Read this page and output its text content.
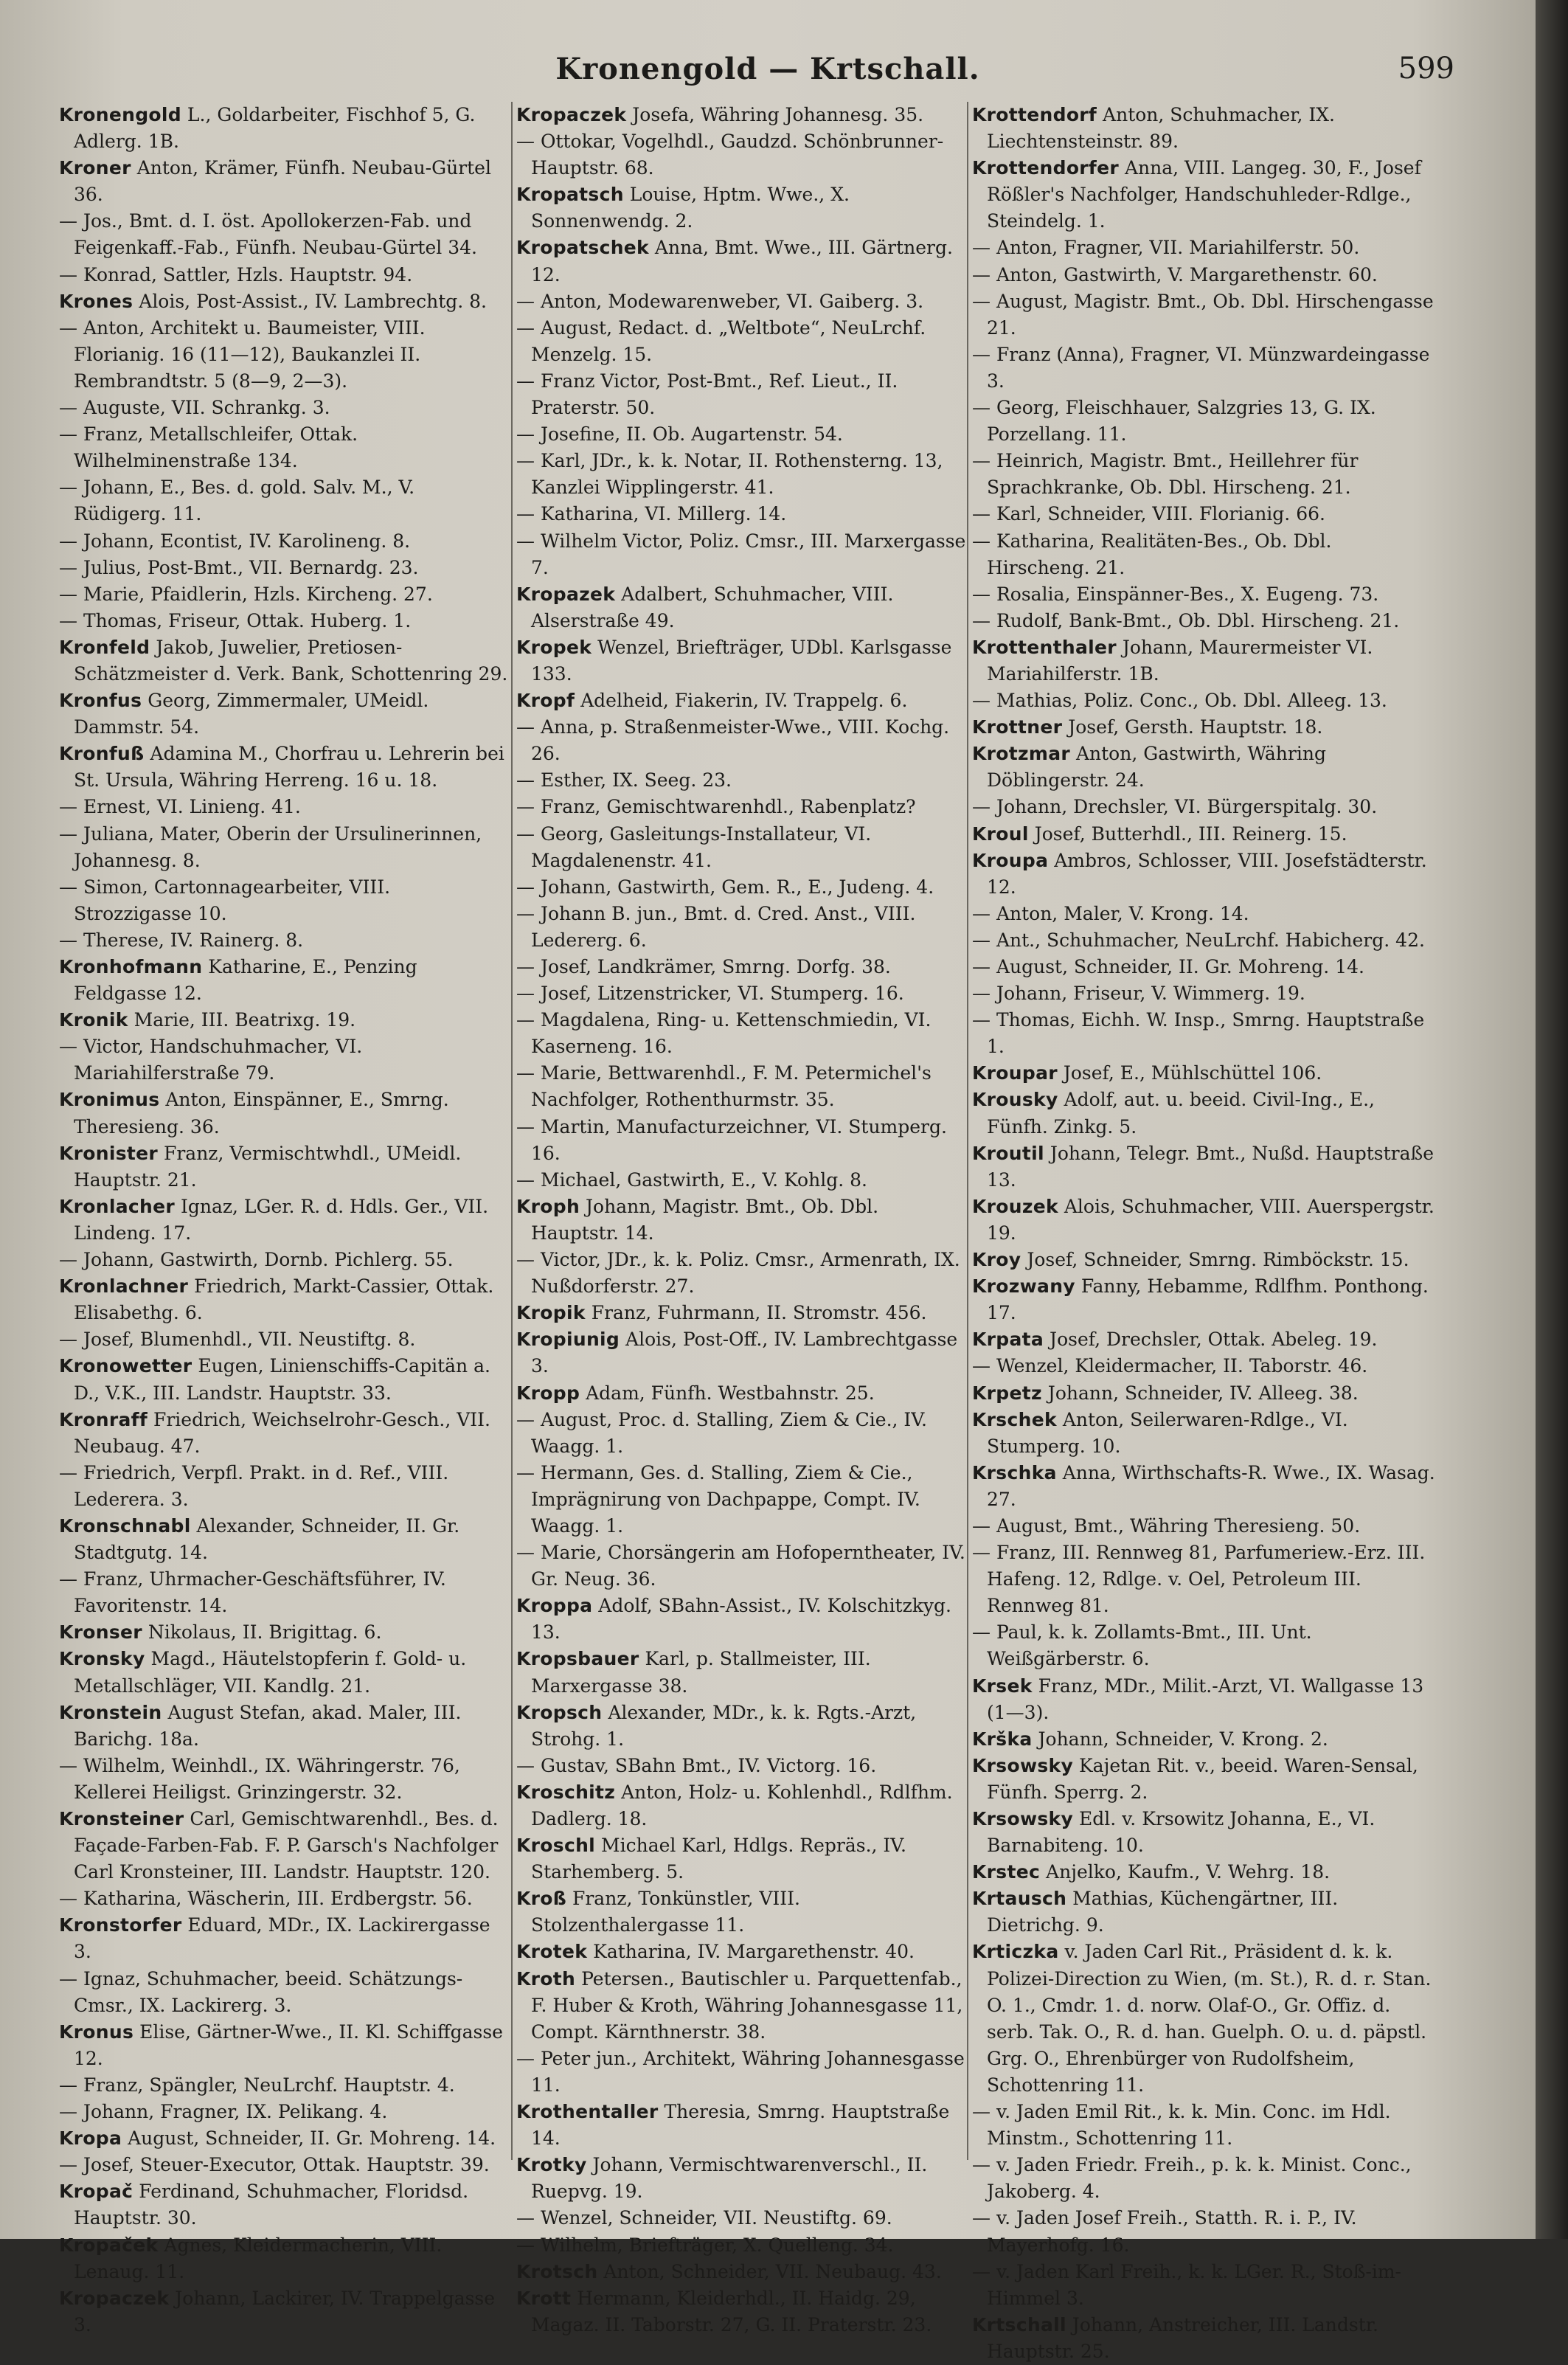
Kronengold — Krtschall.	599
Kronengold L., Goldarbeiter, Fischhof 5, G. Adlerg. 1B.
Kroner Anton, Krämer, Fünfh. Neubau-Gürtel 36.
— Jos., Bmt. d. I. öst. Apollokerzen-Fab. und Feigenkaff.-Fab., Fünfh. Neubau-Gürtel 34.
— Konrad, Sattler, Hzls. Hauptstr. 94.
Krones Alois, Post-Assist., IV. Lambrechtg. 8.
— Anton, Architekt u. Baumeister, VIII. Florianig. 16 (11—12), Baukanzlei II. Rembrandtstr. 5 (8—9, 2—3).
— Auguste, VII. Schrankg. 3.
— Franz, Metallschleifer, Ottak. Wilhelminenstraße 134.
— Johann, E., Bes. d. gold. Salv. M., V. Rüdigerg. 11.
— Johann, Econtist, IV. Karolineng. 8.
— Julius, Post-Bmt., VII. Bernardg. 23.
— Marie, Pfaidlerin, Hzls. Kircheng. 27.
— Thomas, Friseur, Ottak. Huberg. 1.
Kronfeld Jakob, Juwelier, Pretiosen-Schätzmeister d. Verk. Bank, Schottenring 29.
Kronfus Georg, Zimmermaler, UMeidl. Dammstr. 54.
Kronfuß Adamina M., Chorfrau u. Lehrerin bei St. Ursula, Währing Herreng. 16 u. 18.
— Ernest, VI. Linieng. 41.
— Juliana, Mater, Oberin der Ursulinerinnen, Johannesg. 8.
— Simon, Cartonnagearbeiter, VIII. Strozzigasse 10.
— Therese, IV. Rainerg. 8.
Kronhofmann Katharine, E., Penzing Feldgasse 12.
Kronik Marie, III. Beatrixg. 19.
— Victor, Handschuhmacher, VI. Mariahilferstraße 79.
Kronimus Anton, Einspänner, E., Smrng. Theresieng. 36.
Kronister Franz, Vermischtwhdl., UMeidl. Hauptstr. 21.
Kronlacher Ignaz, LGer. R. d. Hdls. Ger., VII. Lindeng. 17.
— Johann, Gastwirth, Dornb. Pichlerg. 55.
Kronlachner Friedrich, Markt-Cassier, Ottak. Elisabethg. 6.
— Josef, Blumenhdl., VII. Neustiftg. 8.
Kronowetter Eugen, Linienschiffs-Capitän a. D., V.K., III. Landstr. Hauptstr. 33.
Kronraff Friedrich, Weichselrohr-Gesch., VII. Neubaug. 47.
— Friedrich, Verpfl. Prakt. in d. Ref., VIII. Lederera. 3.
Kronschnabl Alexander, Schneider, II. Gr. Stadtgutg. 14.
— Franz, Uhrmacher-Geschäftsführer, IV. Favoritenstr. 14.
Kronser Nikolaus, II. Brigittag. 6.
Kronsky Magd., Häutelstopferin f. Gold- u. Metallschläger, VII. Kandlg. 21.
Kronstein August Stefan, akad. Maler, III. Barichg. 18a.
— Wilhelm, Weinhdl., IX. Währingerstr. 76, Kellerei Heiligst. Grinzingerstr. 32.
Kronsteiner Carl, Gemischtwarenhdl., Bes. d. Façade-Farben-Fab. F. P. Garsch's Nachfolger Carl Kronsteiner, III. Landstr. Hauptstr. 120.
— Katharina, Wäscherin, III. Erdbergstr. 56.
Kronstorfer Eduard, MDr., IX. Lackirergasse 3.
— Ignaz, Schuhmacher, beeid. Schätzungs-Cmsr., IX. Lackirerg. 3.
Kronus Elise, Gärtner-Wwe., II. Kl. Schiffgasse 12.
— Franz, Spängler, NeuLrchf. Hauptstr. 4.
— Johann, Fragner, IX. Pelikang. 4.
Kropa August, Schneider, II. Gr. Mohreng. 14.
— Josef, Steuer-Executor, Ottak. Hauptstr. 39.
Kropač Ferdinand, Schuhmacher, Floridsd. Hauptstr. 30.
Kropaček Agnes, Kleidermacherin, VIII. Lenaug. 11.
Kropaczek Johann, Lackirer, IV. Trappelgasse 3.
Kropaczek Josefa, Währing Johannesg. 35.
— Ottokar, Vogelhdl., Gaudzd. Schönbrunner-Hauptstr. 68.
Kropatsch Louise, Hptm. Wwe., X. Sonnenwendg. 2.
Kropatschek Anna, Bmt. Wwe., III. Gärtnerg. 12.
— Anton, Modewarenweber, VI. Gaiberg. 3.
— August, Redact. d. „Weltbote“, NeuLrchf. Menzelg. 15.
— Franz Victor, Post-Bmt., Ref. Lieut., II. Praterstr. 50.
— Josefine, II. Ob. Augartenstr. 54.
— Karl, JDr., k. k. Notar, II. Rothensterng. 13, Kanzlei Wipplingerstr. 41.
— Katharina, VI. Millerg. 14.
— Wilhelm Victor, Poliz. Cmsr., III. Marxergasse 7.
Kropazek Adalbert, Schuhmacher, VIII. Alserstraße 49.
Kropek Wenzel, Briefträger, UDbl. Karlsgasse 133.
Kropf Adelheid, Fiakerin, IV. Trappelg. 6.
— Anna, p. Straßenmeister-Wwe., VIII. Kochg. 26.
— Esther, IX. Seeg. 23.
— Franz, Gemischtwarenhdl., Rabenplatz?
— Georg, Gasleitungs-Installateur, VI. Magdalenenstr. 41.
— Johann, Gastwirth, Gem. R., E., Judeng. 4.
— Johann B. jun., Bmt. d. Cred. Anst., VIII. Ledererg. 6.
— Josef, Landkrämer, Smrng. Dorfg. 38.
— Josef, Litzenstricker, VI. Stumperg. 16.
— Magdalena, Ring- u. Kettenschmiedin, VI. Kaserneng. 16.
— Marie, Bettwarenhdl., F. M. Petermichel's Nachfolger, Rothenthurmstr. 35.
— Martin, Manufacturzeichner, VI. Stumperg. 16.
— Michael, Gastwirth, E., V. Kohlg. 8.
Kroph Johann, Magistr. Bmt., Ob. Dbl. Hauptstr. 14.
— Victor, JDr., k. k. Poliz. Cmsr., Armenrath, IX. Nußdorferstr. 27.
Kropik Franz, Fuhrmann, II. Stromstr. 456.
Kropiunig Alois, Post-Off., IV. Lambrechtgasse 3.
Kropp Adam, Fünfh. Westbahnstr. 25.
— August, Proc. d. Stalling, Ziem & Cie., IV. Waagg. 1.
— Hermann, Ges. d. Stalling, Ziem & Cie., Imprägnirung von Dachpappe, Compt. IV. Waagg. 1.
— Marie, Chorsängerin am Hofoperntheater, IV. Gr. Neug. 36.
Kroppa Adolf, SBahn-Assist., IV. Kolschitzkyg. 13.
Kropsbauer Karl, p. Stallmeister, III. Marxergasse 38.
Kropsch Alexander, MDr., k. k. Rgts.-Arzt, Strohg. 1.
— Gustav, SBahn Bmt., IV. Victorg. 16.
Kroschitz Anton, Holz- u. Kohlenhdl., Rdlfhm. Dadlerg. 18.
Kroschl Michael Karl, Hdlgs. Repräs., IV. Starhemberg. 5.
Kroß Franz, Tonkünstler, VIII. Stolzenthalergasse 11.
Krotek Katharina, IV. Margarethenstr. 40.
Kroth Petersen., Bautischler u. Parquettenfab., F. Huber & Kroth, Währing Johannesgasse 11, Compt. Kärnthnerstr. 38.
— Peter jun., Architekt, Währing Johannesgasse 11.
Krothentaller Theresia, Smrng. Hauptstraße 14.
Krotky Johann, Vermischtwarenverschl., II. Ruepvg. 19.
— Wenzel, Schneider, VII. Neustiftg. 69.
— Wilhelm, Briefträger, X. Quelleng. 34.
Krotsch Anton, Schneider, VII. Neubaug. 43.
Krott Hermann, Kleiderhdl., II. Haidg. 29, Magaz. II. Taborstr. 27, G. II. Praterstr. 23.
Krottendorf Anton, Schuhmacher, IX. Liechtensteinstr. 89.
Krottendorfer Anna, VIII. Langeg. 30, F., Josef Rößler's Nachfolger, Handschuhleder-Rdlge., Steindelg. 1.
— Anton, Fragner, VII. Mariahilferstr. 50.
— Anton, Gastwirth, V. Margarethenstr. 60.
— August, Magistr. Bmt., Ob. Dbl. Hirschengasse 21.
— Franz (Anna), Fragner, VI. Münzwardeingasse 3.
— Georg, Fleischhauer, Salzgries 13, G. IX. Porzellang. 11.
— Heinrich, Magistr. Bmt., Heillehrer für Sprachkranke, Ob. Dbl. Hirscheng. 21.
— Karl, Schneider, VIII. Florianig. 66.
— Katharina, Realitäten-Bes., Ob. Dbl. Hirscheng. 21.
— Rosalia, Einspänner-Bes., X. Eugeng. 73.
— Rudolf, Bank-Bmt., Ob. Dbl. Hirscheng. 21.
Krottenthaler Johann, Maurermeister VI. Mariahilferstr. 1B.
— Mathias, Poliz. Conc., Ob. Dbl. Alleeg. 13.
Krottner Josef, Gersth. Hauptstr. 18.
Krotzmar Anton, Gastwirth, Währing Döblingerstr. 24.
— Johann, Drechsler, VI. Bürgerspitalg. 30.
Kroul Josef, Butterhdl., III. Reinerg. 15.
Kroupa Ambros, Schlosser, VIII. Josefstädterstr. 12.
— Anton, Maler, V. Krong. 14.
— Ant., Schuhmacher, NeuLrchf. Habicherg. 42.
— August, Schneider, II. Gr. Mohreng. 14.
— Johann, Friseur, V. Wimmerg. 19.
— Thomas, Eichh. W. Insp., Smrng. Hauptstraße 1.
Kroupar Josef, E., Mühlschüttel 106.
Krousky Adolf, aut. u. beeid. Civil-Ing., E., Fünfh. Zinkg. 5.
Kroutil Johann, Telegr. Bmt., Nußd. Hauptstraße 13.
Krouzek Alois, Schuhmacher, VIII. Auerspergstr. 19.
Kroy Josef, Schneider, Smrng. Rimböckstr. 15.
Krozwany Fanny, Hebamme, Rdlfhm. Ponthong. 17.
Krpata Josef, Drechsler, Ottak. Abeleg. 19.
— Wenzel, Kleidermacher, II. Taborstr. 46.
Krpetz Johann, Schneider, IV. Alleeg. 38.
Krschek Anton, Seilerwaren-Rdlge., VI. Stumperg. 10.
Krschka Anna, Wirthschafts-R. Wwe., IX. Wasag. 27.
— August, Bmt., Währing Theresieng. 50.
— Franz, III. Rennweg 81, Parfumeriew.-Erz. III. Hafeng. 12, Rdlge. v. Oel, Petroleum III. Rennweg 81.
— Paul, k. k. Zollamts-Bmt., III. Unt. Weißgärberstr. 6.
Krsek Franz, MDr., Milit.-Arzt, VI. Wallgasse 13 (1—3).
Krška Johann, Schneider, V. Krong. 2.
Krsowsky Kajetan Rit. v., beeid. Waren-Sensal, Fünfh. Sperrg. 2.
Krsowsky Edl. v. Krsowitz Johanna, E., VI. Barnabiteng. 10.
Krstec Anjelko, Kaufm., V. Wehrg. 18.
Krtausch Mathias, Küchengärtner, III. Dietrichg. 9.
Krticzka v. Jaden Carl Rit., Präsident d. k. k. Polizei-Direction zu Wien, (m. St.), R. d. r. Stan. O. 1., Cmdr. 1. d. norw. Olaf-O., Gr. Offiz. d. serb. Tak. O., R. d. han. Guelph. O. u. d. päpstl. Grg. O., Ehrenbürger von Rudolfsheim, Schottenring 11.
— v. Jaden Emil Rit., k. k. Min. Conc. im Hdl. Minstm., Schottenring 11.
— v. Jaden Friedr. Freih., p. k. k. Minist. Conc., Jakoberg. 4.
— v. Jaden Josef Freih., Statth. R. i. P., IV. Mayerhofg. 16.
— v. Jaden Karl Freih., k. k. LGer. R., Stoß-im-Himmel 3.
Krtschall Johann, Anstreicher, III. Landstr. Hauptstr. 25.
